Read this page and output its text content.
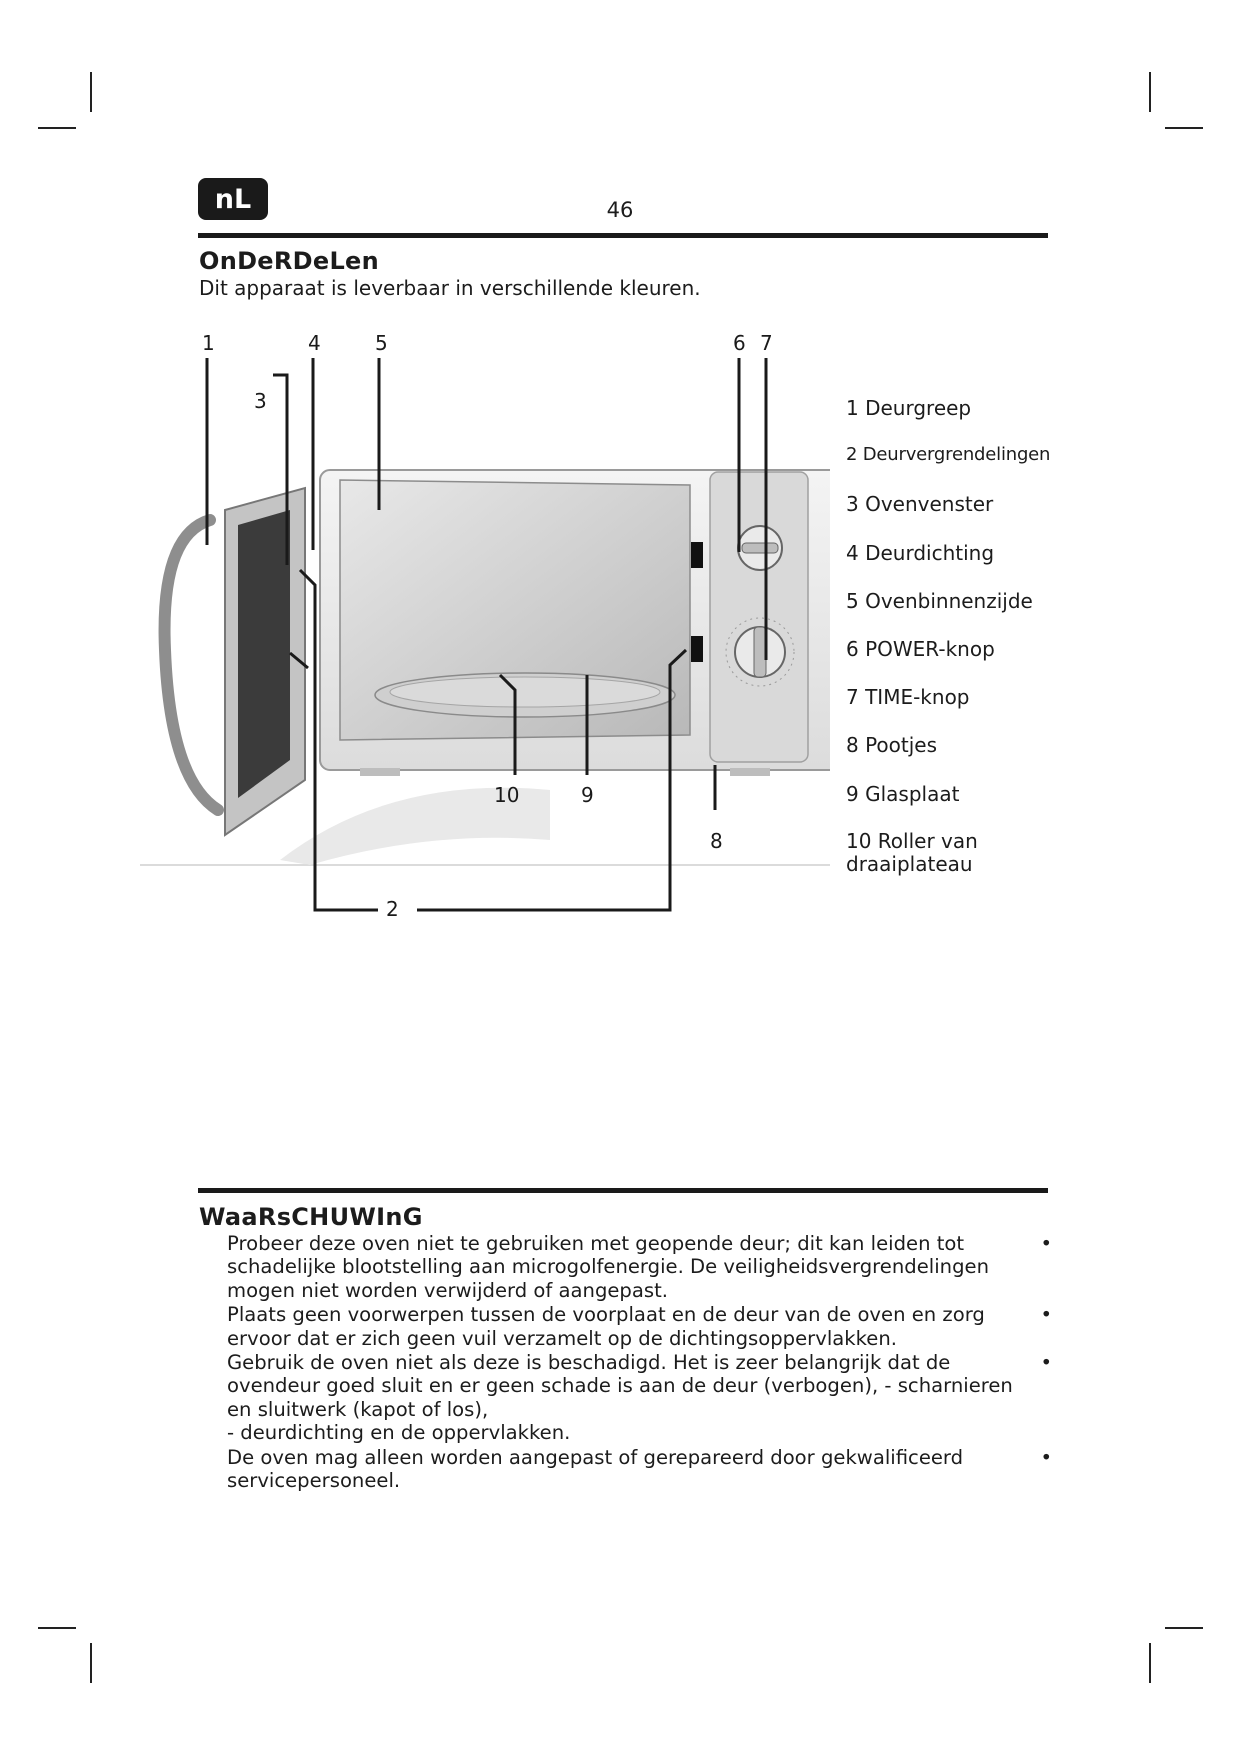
nL	46
OnDeRDeLen
Dit apparaat is leverbaar in verschillende kleuren.
1	4	5	6 7
3
10	9
8
2
1 Deurgreep
2 Deurvergrendelingen
3 Ovenvenster
4 Deurdichting
5 Ovenbinnenzijde
6 POWER-knop
7 TIME-knop
8 Pootjes
9 Glasplaat
10 Roller van draaiplateau
WaaRsCHUWInG
Probeer deze oven niet te gebruiken met geopende deur; dit kan leiden tot schadelijke blootstelling aan microgolfenergie. De veiligheidsvergrendelingen mogen niet worden verwijderd of aangepast.
•
Plaats geen voorwerpen tussen de voorplaat en de deur van de oven en zorg ervoor dat er zich geen vuil verzamelt op de dichtingsoppervlakken.
•
Gebruik de oven niet als deze is beschadigd. Het is zeer belangrijk dat de ovendeur goed sluit en er geen schade is aan de deur (verbogen), - scharnieren en sluitwerk (kapot of los),
- deurdichting en de oppervlakken.
•
De oven mag alleen worden aangepast of gerepareerd door gekwalificeerd servicepersoneel.
•
